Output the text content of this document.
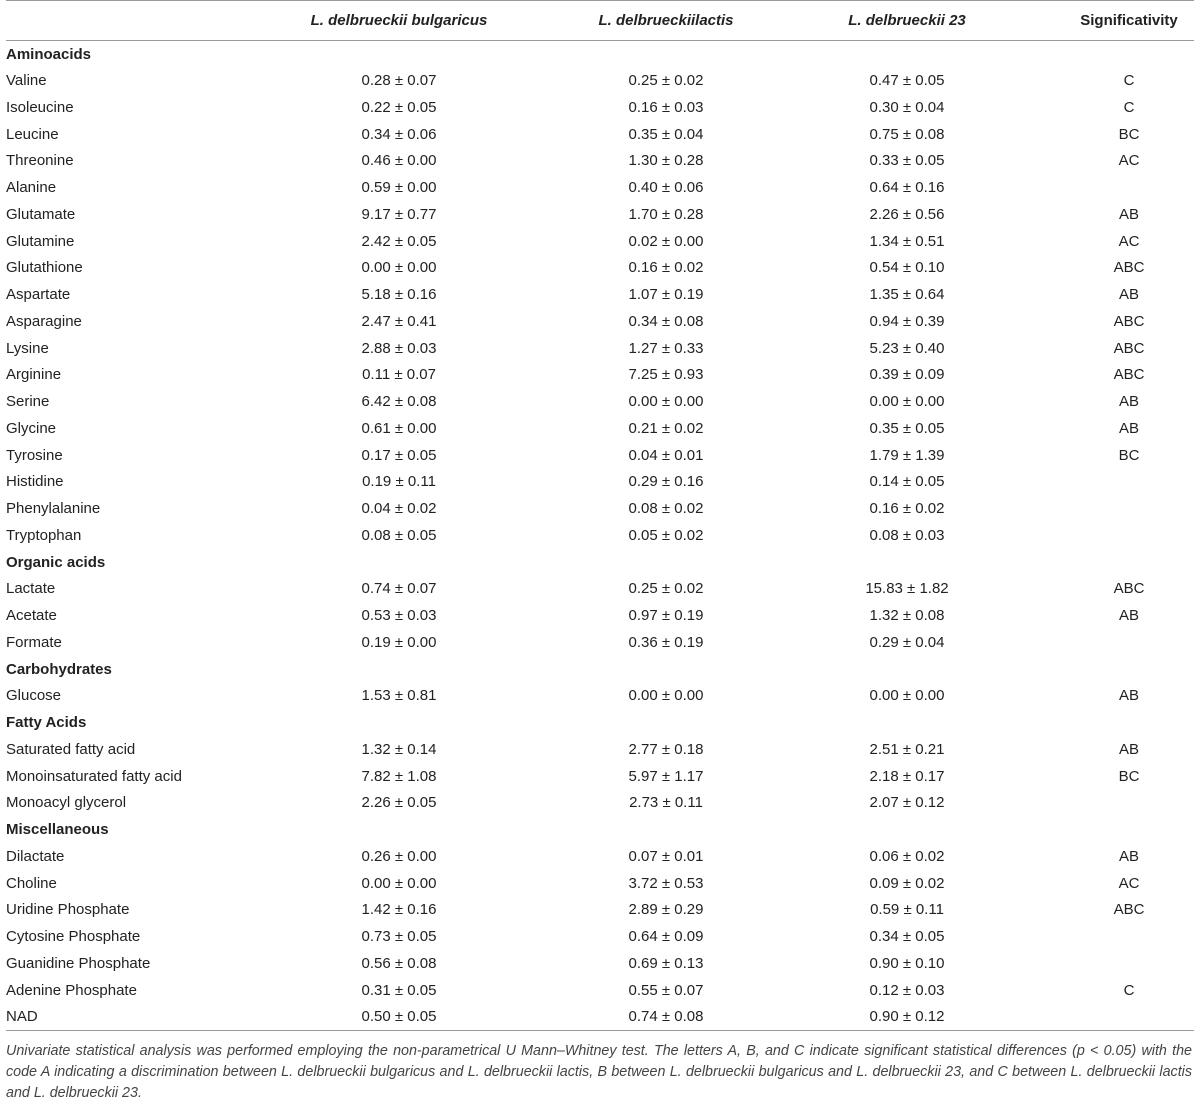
	L. delbrueckii bulgaricus	L. delbrueckiilactis	L. delbrueckii 23	Significativity
Aminoacids				
Valine	0.28 ± 0.07	0.25 ± 0.02	0.47 ± 0.05	C
Isoleucine	0.22 ± 0.05	0.16 ± 0.03	0.30 ± 0.04	C
Leucine	0.34 ± 0.06	0.35 ± 0.04	0.75 ± 0.08	BC
Threonine	0.46 ± 0.00	1.30 ± 0.28	0.33 ± 0.05	AC
Alanine	0.59 ± 0.00	0.40 ± 0.06	0.64 ± 0.16	
Glutamate	9.17 ± 0.77	1.70 ± 0.28	2.26 ± 0.56	AB
Glutamine	2.42 ± 0.05	0.02 ± 0.00	1.34 ± 0.51	AC
Glutathione	0.00 ± 0.00	0.16 ± 0.02	0.54 ± 0.10	ABC
Aspartate	5.18 ± 0.16	1.07 ± 0.19	1.35 ± 0.64	AB
Asparagine	2.47 ± 0.41	0.34 ± 0.08	0.94 ± 0.39	ABC
Lysine	2.88 ± 0.03	1.27 ± 0.33	5.23 ± 0.40	ABC
Arginine	0.11 ± 0.07	7.25 ± 0.93	0.39 ± 0.09	ABC
Serine	6.42 ± 0.08	0.00 ± 0.00	0.00 ± 0.00	AB
Glycine	0.61 ± 0.00	0.21 ± 0.02	0.35 ± 0.05	AB
Tyrosine	0.17 ± 0.05	0.04 ± 0.01	1.79 ± 1.39	BC
Histidine	0.19 ± 0.11	0.29 ± 0.16	0.14 ± 0.05	
Phenylalanine	0.04 ± 0.02	0.08 ± 0.02	0.16 ± 0.02	
Tryptophan	0.08 ± 0.05	0.05 ± 0.02	0.08 ± 0.03	
Organic acids				
Lactate	0.74 ± 0.07	0.25 ± 0.02	15.83 ± 1.82	ABC
Acetate	0.53 ± 0.03	0.97 ± 0.19	1.32 ± 0.08	AB
Formate	0.19 ± 0.00	0.36 ± 0.19	0.29 ± 0.04	
Carbohydrates				
Glucose	1.53 ± 0.81	0.00 ± 0.00	0.00 ± 0.00	AB
Fatty Acids				
Saturated fatty acid	1.32 ± 0.14	2.77 ± 0.18	2.51 ± 0.21	AB
Monoinsaturated fatty acid	7.82 ± 1.08	5.97 ± 1.17	2.18 ± 0.17	BC
Monoacyl glycerol	2.26 ± 0.05	2.73 ± 0.11	2.07 ± 0.12	
Miscellaneous				
Dilactate	0.26 ± 0.00	0.07 ± 0.01	0.06 ± 0.02	AB
Choline	0.00 ± 0.00	3.72 ± 0.53	0.09 ± 0.02	AC
Uridine Phosphate	1.42 ± 0.16	2.89 ± 0.29	0.59 ± 0.11	ABC
Cytosine Phosphate	0.73 ± 0.05	0.64 ± 0.09	0.34 ± 0.05	
Guanidine Phosphate	0.56 ± 0.08	0.69 ± 0.13	0.90 ± 0.10	
Adenine Phosphate	0.31 ± 0.05	0.55 ± 0.07	0.12 ± 0.03	C
NAD	0.50 ± 0.05	0.74 ± 0.08	0.90 ± 0.12	
Univariate statistical analysis was performed employing the non-parametrical U Mann–Whitney test. The letters A, B, and C indicate significant statistical differences (p < 0.05) with the code A indicating a discrimination between L. delbrueckii bulgaricus and L. delbrueckii lactis, B between L. delbrueckii bulgaricus and L. delbrueckii 23, and C between L. delbrueckii lactis and L. delbrueckii 23.
